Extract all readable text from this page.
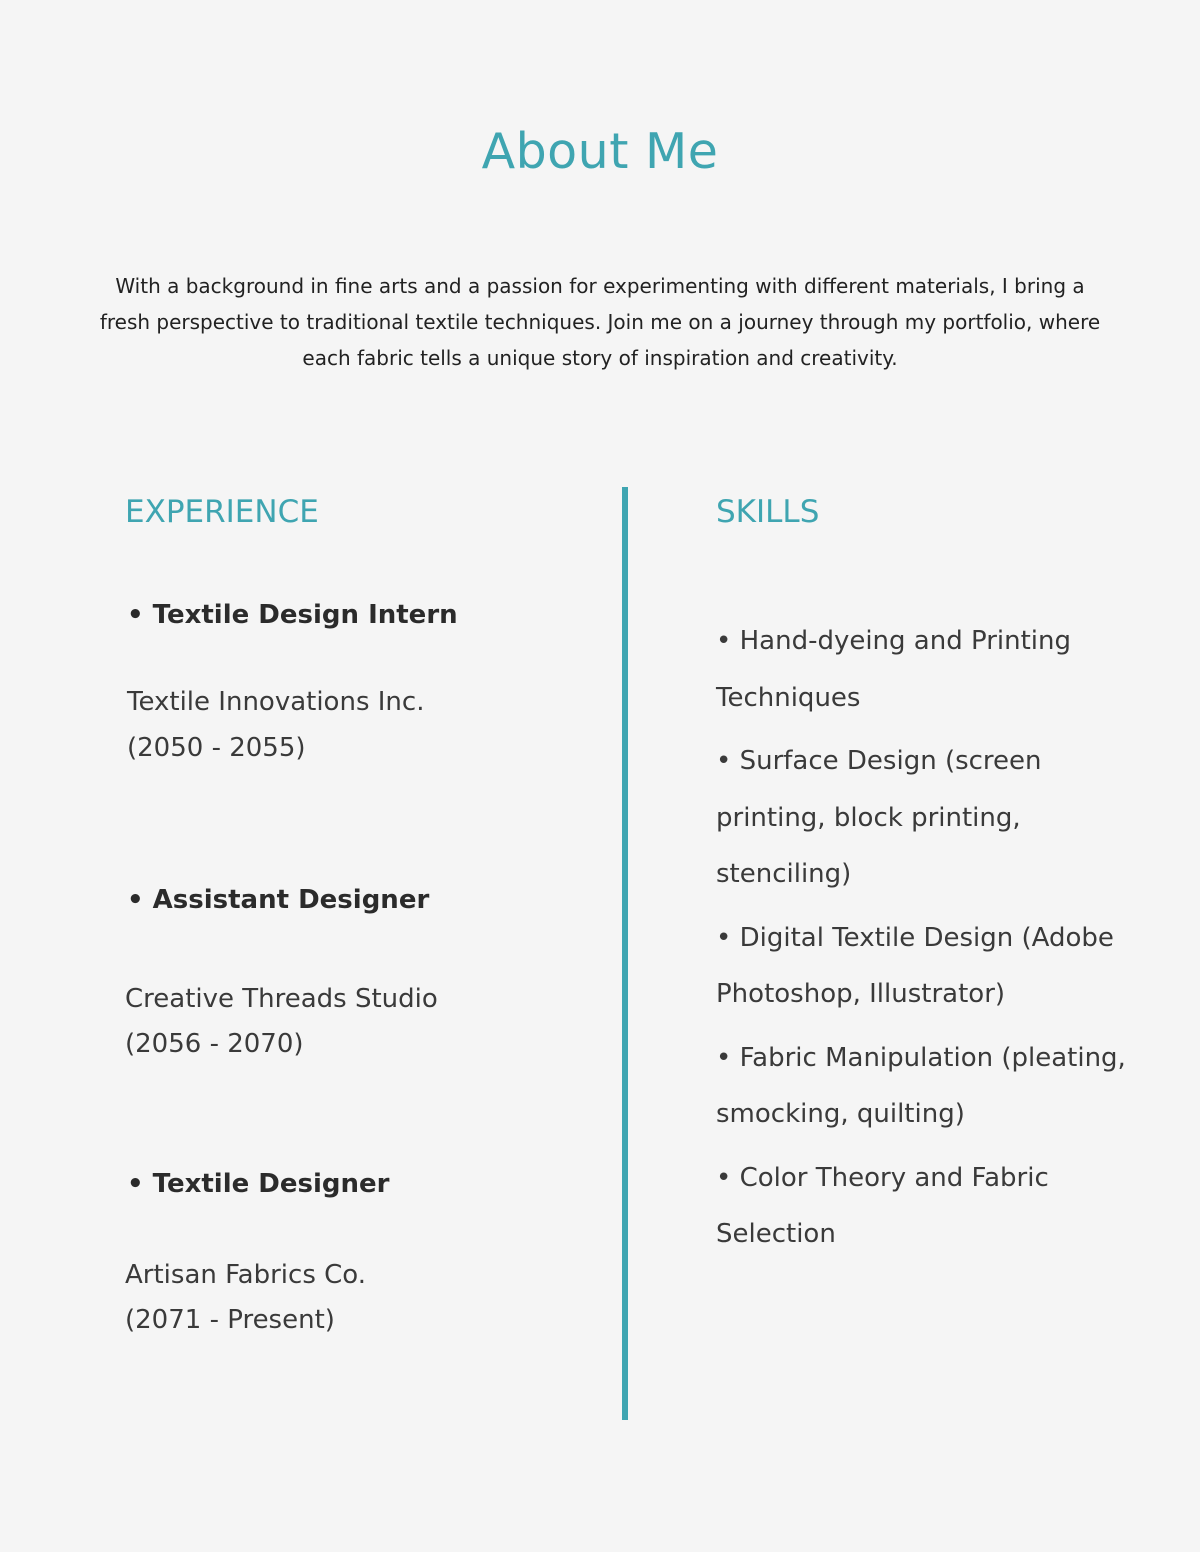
About Me

With a background in fine arts and a passion for experimenting with different materials, I bring a fresh perspective to traditional textile techniques. Join me on a journey through my portfolio, where each fabric tells a unique story of inspiration and creativity.

EXPERIENCE
• Textile Design Intern

Textile Innovations Inc.

(2050 - 2055)

• Assistant Designer

Creative Threads Studio

(2056 - 2070)

• Textile Designer

Artisan Fabrics Co.

(2071 - Present)

SKILLS
• Hand-dyeing and Printing Techniques
• Surface Design (screen printing, block printing, stenciling)
• Digital Textile Design (Adobe Photoshop, Illustrator)
• Fabric Manipulation (pleating, smocking, quilting)
• Color Theory and Fabric Selection
